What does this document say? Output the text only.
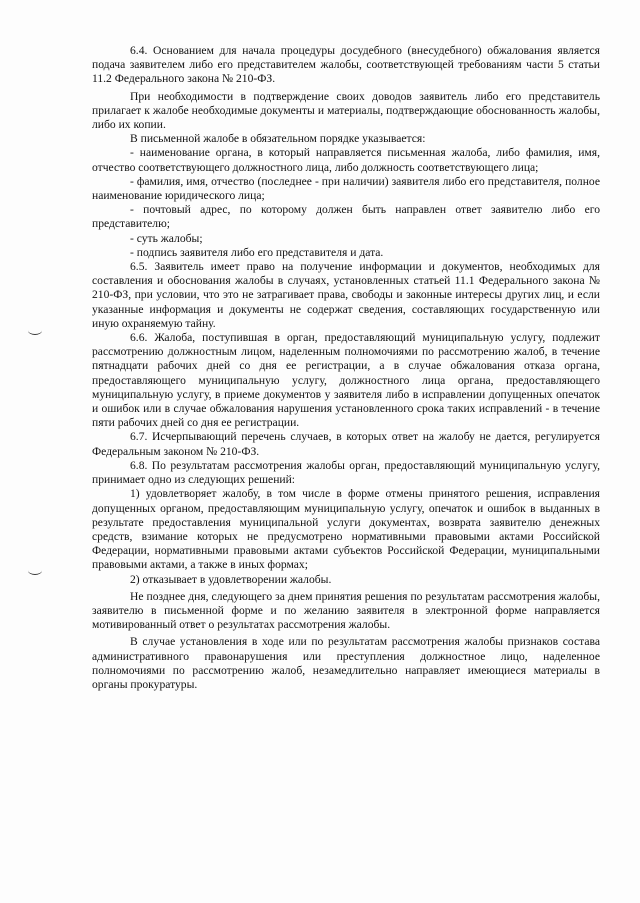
6.4. Основанием для начала процедуры досудебного (внесудебного) обжалования является подача заявителем либо его представителем жалобы, соответствующей требованиям части 5 статьи 11.2 Федерального закона № 210-ФЗ.

При необходимости в подтверждение своих доводов заявитель либо его представитель прилагает к жалобе необходимые документы и материалы, подтверждающие обоснованность жалобы, либо их копии.

В письменной жалобе в обязательном порядке указывается:

- наименование органа, в который направляется письменная жалоба, либо фамилия, имя, отчество соответствующего должностного лица, либо должность соответствующего лица;

- фамилия, имя, отчество (последнее - при наличии) заявителя либо его представителя, полное наименование юридического лица;

- почтовый адрес, по которому должен быть направлен ответ заявителю либо его представителю;

- суть жалобы;

- подпись заявителя либо его представителя и дата.

6.5. Заявитель имеет право на получение информации и документов, необходимых для составления и обоснования жалобы в случаях, установленных статьей 11.1 Федерального закона № 210-ФЗ, при условии, что это не затрагивает права, свободы и законные интересы других лиц, и если указанные информация и документы не содержат сведения, составляющих государственную или иную охраняемую тайну.

6.6. Жалоба, поступившая в орган, предоставляющий муниципальную услугу, подлежит рассмотрению должностным лицом, наделенным полномочиями по рассмотрению жалоб, в течение пятнадцати рабочих дней со дня ее регистрации, а в случае обжалования отказа органа, предоставляющего муниципальную услугу, должностного лица органа, предоставляющего муниципальную услугу, в приеме документов у заявителя либо в исправлении допущенных опечаток и ошибок или в случае обжалования нарушения установленного срока таких исправлений - в течение пяти рабочих дней со дня ее регистрации.

6.7. Исчерпывающий перечень случаев, в которых ответ на жалобу не дается, регулируется Федеральным законом № 210-ФЗ.

6.8. По результатам рассмотрения жалобы орган, предоставляющий муниципальную услугу, принимает одно из следующих решений:

1) удовлетворяет жалобу, в том числе в форме отмены принятого решения, исправления допущенных органом, предоставляющим муниципальную услугу, опечаток и ошибок в выданных в результате предоставления муниципальной услуги документах, возврата заявителю денежных средств, взимание которых не предусмотрено нормативными правовыми актами Российской Федерации, нормативными правовыми актами субъектов Российской Федерации, муниципальными правовыми актами, а также в иных формах;

2) отказывает в удовлетворении жалобы.

Не позднее дня, следующего за днем принятия решения по результатам рассмотрения жалобы, заявителю в письменной форме и по желанию заявителя в электронной форме направляется мотивированный ответ о результатах рассмотрения жалобы.

В случае установления в ходе или по результатам рассмотрения жалобы признаков состава административного правонарушения или преступления должностное лицо, наделенное полномочиями по рассмотрению жалоб, незамедлительно направляет имеющиеся материалы в органы прокуратуры.
